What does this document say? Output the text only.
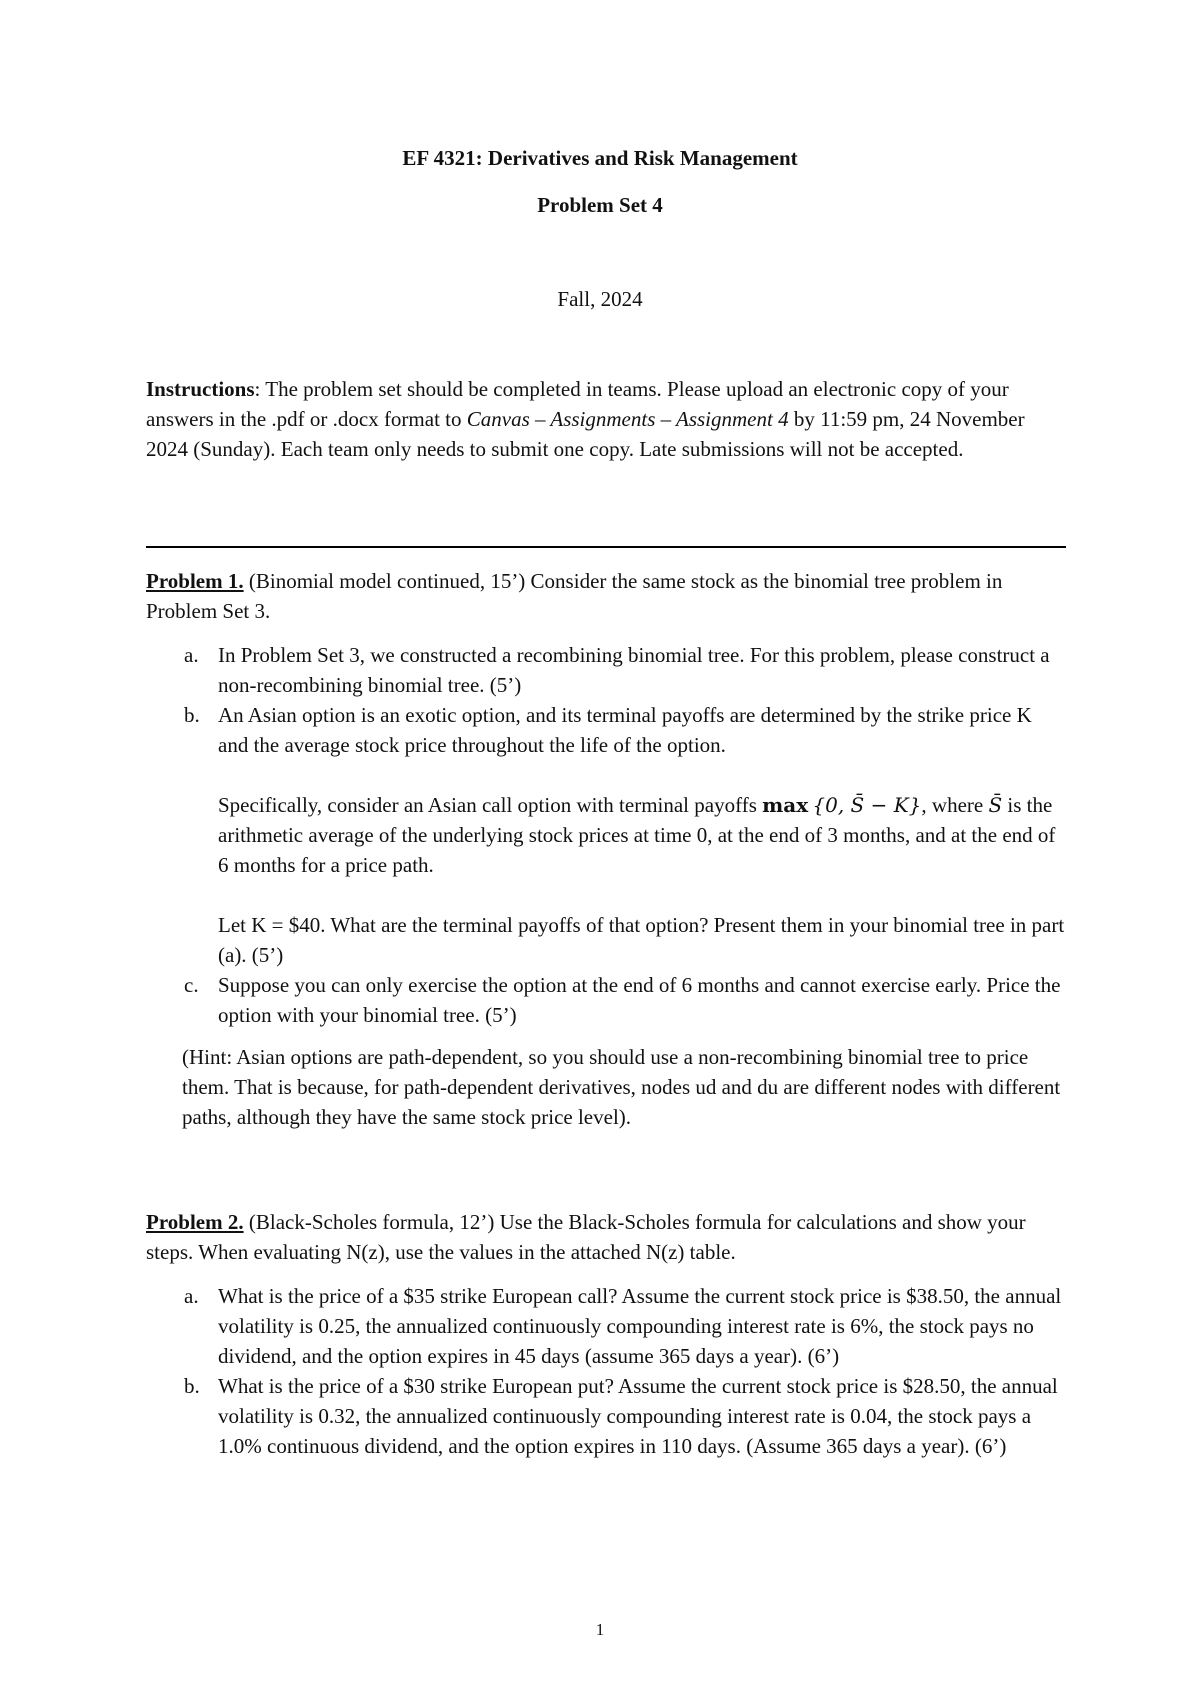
EF 4321: Derivatives and Risk Management
Problem Set 4
Fall, 2024
Instructions: The problem set should be completed in teams. Please upload an electronic copy of your answers in the .pdf or .docx format to Canvas – Assignments – Assignment 4 by 11:59 pm, 24 November 2024 (Sunday). Each team only needs to submit one copy. Late submissions will not be accepted.
Problem 1. (Binomial model continued, 15’) Consider the same stock as the binomial tree problem in Problem Set 3.
a. In Problem Set 3, we constructed a recombining binomial tree. For this problem, please construct a non-recombining binomial tree. (5’)
b. An Asian option is an exotic option, and its terminal payoffs are determined by the strike price K and the average stock price throughout the life of the option.
Specifically, consider an Asian call option with terminal payoffs max  {0, S̄ − K}, where S̄ is the arithmetic average of the underlying stock prices at time 0, at the end of 3 months, and at the end of 6 months for a price path.
Let K = $40. What are the terminal payoffs of that option? Present them in your binomial tree in part (a). (5’)
c. Suppose you can only exercise the option at the end of 6 months and cannot exercise early. Price the option with your binomial tree. (5’)
(Hint: Asian options are path-dependent, so you should use a non-recombining binomial tree to price them. That is because, for path-dependent derivatives, nodes ud and du are different nodes with different paths, although they have the same stock price level).
Problem 2. (Black-Scholes formula, 12’) Use the Black-Scholes formula for calculations and show your steps. When evaluating N(z), use the values in the attached N(z) table.
a. What is the price of a $35 strike European call? Assume the current stock price is $38.50, the annual volatility is 0.25, the annualized continuously compounding interest rate is 6%, the stock pays no dividend, and the option expires in 45 days (assume 365 days a year). (6’)
b. What is the price of a $30 strike European put? Assume the current stock price is $28.50, the annual volatility is 0.32, the annualized continuously compounding interest rate is 0.04, the stock pays a 1.0% continuous dividend, and the option expires in 110 days. (Assume 365 days a year). (6’)
1
